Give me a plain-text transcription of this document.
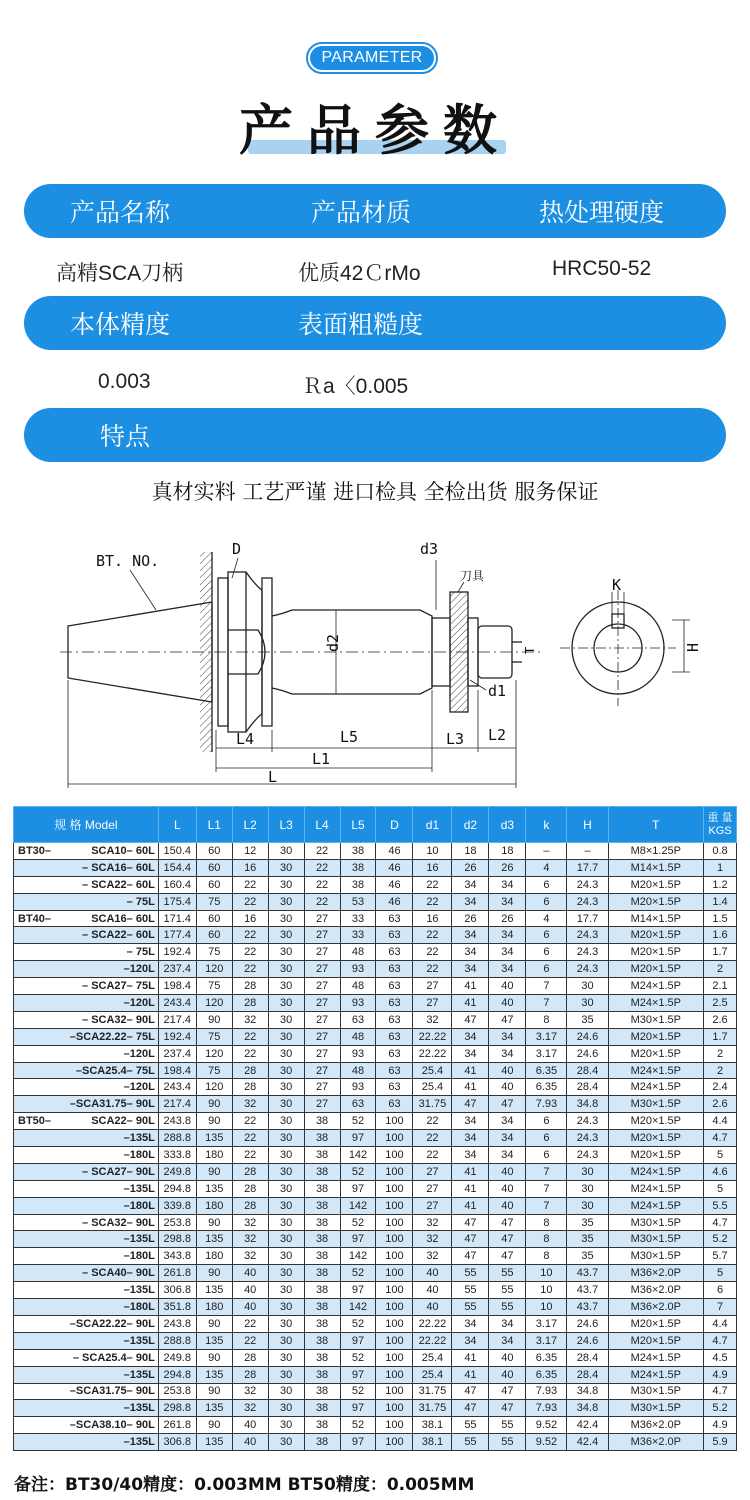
PARAMETER
产品参数
产品名称	产品材质	热处理硬度
高精SCA刀柄	优质42ＣrMo	HRC50-52
本体精度	表面粗糙度
0.003	Ｒa〈0.005
特点
真材实料 工艺严谨 进口检具 全检出货 服务保证
BT. NO.
D	d3
刀具
d2
d1
T
L4	L5	L3 L2
L1
L
K
H
规 格 Model	L	L1	L2	L3	L4	L5	D	d1	d2	d3	k	H	T	重 量
KGS

BT30– SCA10– 60L	150.4	60	12	30	22	38	46	10	18	18	–	–	M8×1.25P	0.8

– SCA16– 60L	154.4	60	16	30	22	38	46	16	26	26	4	17.7	M14×1.5P	1

– SCA22– 60L	160.4	60	22	30	22	38	46	22	34	34	6	24.3	M20×1.5P	1.2

– 75L	175.4	75	22	30	22	53	46	22	34	34	6	24.3	M20×1.5P	1.4

BT40– SCA16– 60L	171.4	60	16	30	27	33	63	16	26	26	4	17.7	M14×1.5P	1.5

– SCA22– 60L	177.4	60	22	30	27	33	63	22	34	34	6	24.3	M20×1.5P	1.6

– 75L	192.4	75	22	30	27	48	63	22	34	34	6	24.3	M20×1.5P	1.7

–120L	237.4	120	22	30	27	93	63	22	34	34	6	24.3	M20×1.5P	2

– SCA27– 75L	198.4	75	28	30	27	48	63	27	41	40	7	30	M24×1.5P	2.1

–120L	243.4	120	28	30	27	93	63	27	41	40	7	30	M24×1.5P	2.5

– SCA32– 90L	217.4	90	32	30	27	63	63	32	47	47	8	35	M30×1.5P	2.6

–SCA22.22– 75L	192.4	75	22	30	27	48	63	22.22	34	34	3.17	24.6	M20×1.5P	1.7

–120L	237.4	120	22	30	27	93	63	22.22	34	34	3.17	24.6	M20×1.5P	2

–SCA25.4– 75L	198.4	75	28	30	27	48	63	25.4	41	40	6.35	28.4	M24×1.5P	2

–120L	243.4	120	28	30	27	93	63	25.4	41	40	6.35	28.4	M24×1.5P	2.4

–SCA31.75– 90L	217.4	90	32	30	27	63	63	31.75	47	47	7.93	34.8	M30×1.5P	2.6

BT50– SCA22– 90L	243.8	90	22	30	38	52	100	22	34	34	6	24.3	M20×1.5P	4.4

–135L	288.8	135	22	30	38	97	100	22	34	34	6	24.3	M20×1.5P	4.7

–180L	333.8	180	22	30	38	142	100	22	34	34	6	24.3	M20×1.5P	5

– SCA27– 90L	249.8	90	28	30	38	52	100	27	41	40	7	30	M24×1.5P	4.6

–135L	294.8	135	28	30	38	97	100	27	41	40	7	30	M24×1.5P	5

–180L	339.8	180	28	30	38	142	100	27	41	40	7	30	M24×1.5P	5.5

– SCA32– 90L	253.8	90	32	30	38	52	100	32	47	47	8	35	M30×1.5P	4.7

–135L	298.8	135	32	30	38	97	100	32	47	47	8	35	M30×1.5P	5.2

–180L	343.8	180	32	30	38	142	100	32	47	47	8	35	M30×1.5P	5.7

– SCA40– 90L	261.8	90	40	30	38	52	100	40	55	55	10	43.7	M36×2.0P	5

–135L	306.8	135	40	30	38	97	100	40	55	55	10	43.7	M36×2.0P	6

–180L	351.8	180	40	30	38	142	100	40	55	55	10	43.7	M36×2.0P	7

–SCA22.22– 90L	243.8	90	22	30	38	52	100	22.22	34	34	3.17	24.6	M20×1.5P	4.4

–135L	288.8	135	22	30	38	97	100	22.22	34	34	3.17	24.6	M20×1.5P	4.7

– SCA25.4– 90L	249.8	90	28	30	38	52	100	25.4	41	40	6.35	28.4	M24×1.5P	4.5

–135L	294.8	135	28	30	38	97	100	25.4	41	40	6.35	28.4	M24×1.5P	4.9

–SCA31.75– 90L	253.8	90	32	30	38	52	100	31.75	47	47	7.93	34.8	M30×1.5P	4.7

–135L	298.8	135	32	30	38	97	100	31.75	47	47	7.93	34.8	M30×1.5P	5.2

–SCA38.10– 90L	261.8	90	40	30	38	52	100	38.1	55	55	9.52	42.4	M36×2.0P	4.9

–135L	306.8	135	40	30	38	97	100	38.1	55	55	9.52	42.4	M36×2.0P	5.9
备注：BT30/40精度：0.003MM BT50精度：0.005MM
